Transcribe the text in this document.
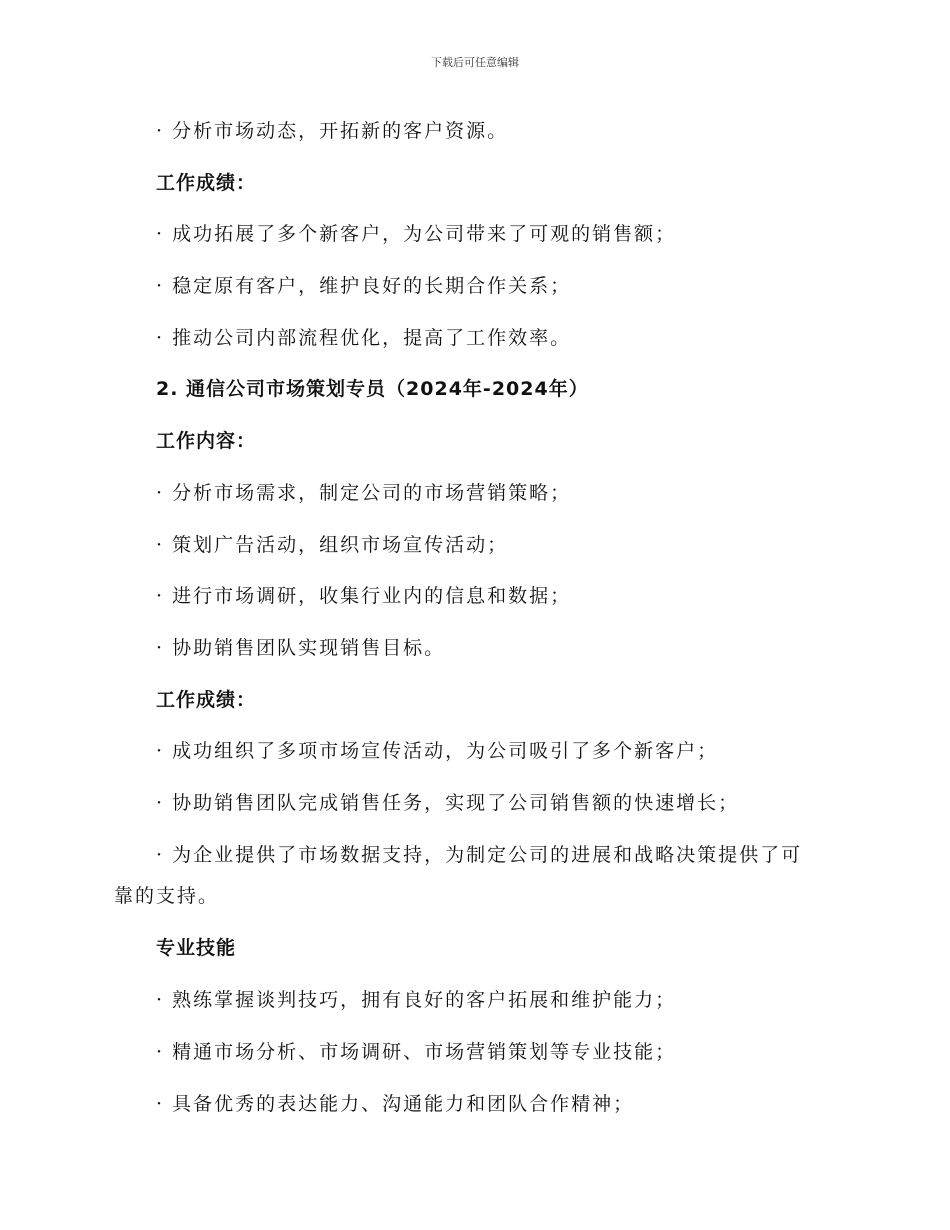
下载后可任意编辑
· 分析市场动态，开拓新的客户资源。
工作成绩：
· 成功拓展了多个新客户，为公司带来了可观的销售额；
· 稳定原有客户，维护良好的长期合作关系；
· 推动公司内部流程优化，提高了工作效率。
2. 通信公司市场策划专员（2024年-2024年）
工作内容：
· 分析市场需求，制定公司的市场营销策略；
· 策划广告活动，组织市场宣传活动；
· 进行市场调研，收集行业内的信息和数据；
· 协助销售团队实现销售目标。
工作成绩：
· 成功组织了多项市场宣传活动，为公司吸引了多个新客户；
· 协助销售团队完成销售任务，实现了公司销售额的快速增长；
· 为企业提供了市场数据支持，为制定公司的进展和战略决策提供了可
靠的支持。
专业技能
· 熟练掌握谈判技巧，拥有良好的客户拓展和维护能力；
· 精通市场分析、市场调研、市场营销策划等专业技能；
· 具备优秀的表达能力、沟通能力和团队合作精神；
